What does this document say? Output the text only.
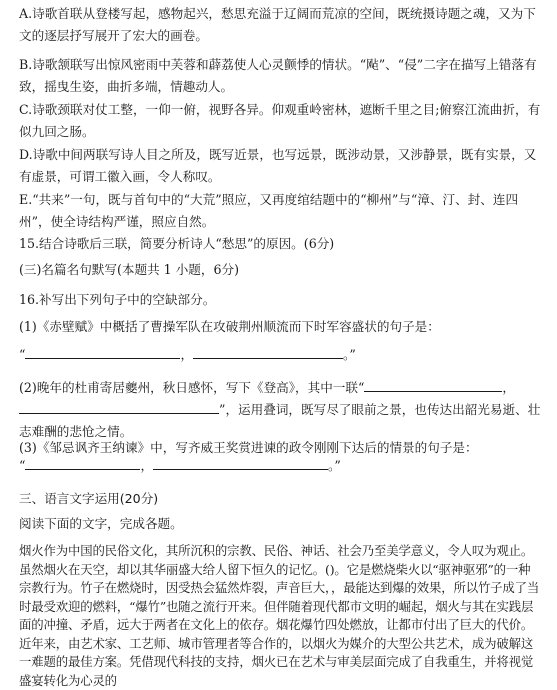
A.诗歌首联从登楼写起，感物起兴，愁思充溢于辽阔而荒凉的空间，既统摄诗题之魂，又为下文的逐层抒写展开了宏大的画卷。

B.诗歌颔联写出惊风密雨中芙蓉和薜荔使人心灵颤悸的情状。“飐”、“侵”二字在描写上错落有致，摇曳生姿，曲折多端，情趣动人。

C.诗歌颈联对仗工整，一仰一俯，视野各异。仰观重岭密林，遮断千里之目;俯察江流曲折，有似九回之肠。

D.诗歌中间两联写诗人目之所及，既写近景，也写远景，既涉动景，又涉静景，既有实景，又有虚景，可谓工徽入画，令人称叹。

E.“共来”一句，既与首句中的“大荒”照应，又再度绾结题中的“柳州”与“漳、汀、封、连四州”，使全诗结构严谨，照应自然。

15.结合诗歌后三联，简要分析诗人“愁思”的原因。(6分)

(三)名篇名句默写(本题共 1 小题，6分)

16.补写出下列句子中的空缺部分。

(1)《赤壁赋》中概括了曹操军队在攻破荆州顺流而下时军容盛状的句子是：

“	，	。”

(2)晚年的杜甫寄居夔州，秋日感怀，写下《登高》，其中一联“	，”，运用叠词，既写尽了眼前之景，也传达出韶光易逝、壮志难酬的悲怆之情。

(3)《邹忌讽齐王纳谏》中，写齐威王奖赏进谏的政令刚刚下达后的情景的句子是：

“	，	。”

三、语言文字运用(20分)

阅读下面的文字，完成各题。

烟火作为中国的民俗文化，其所沉积的宗教、民俗、神话、社会乃至美学意义，令人叹为观止。虽然烟火在天空，却以其华丽盛大给人留下恒久的记忆。()。它是燃烧柴火以“驱神驱邪”的一种宗教行为。竹子在燃烧时，因受热会猛然炸裂，声音巨大，，最能达到爆的效果，所以竹子成了当时最受欢迎的燃料，“爆竹”也随之流行开来。但伴随着现代都市文明的崛起，烟火与其在实践层面的冲撞、矛盾，远大于两者在文化上的依存。烟花爆竹四处燃放，让都市付出了巨大的代价。近年来，由艺术家、工艺师、城市管理者等合作的，以烟火为媒介的大型公共艺术，成为破解这一难题的最佳方案。凭借现代科技的支持，烟火已在艺术与审美层面完成了自我重生，并将视觉盛宴转化为心灵的
